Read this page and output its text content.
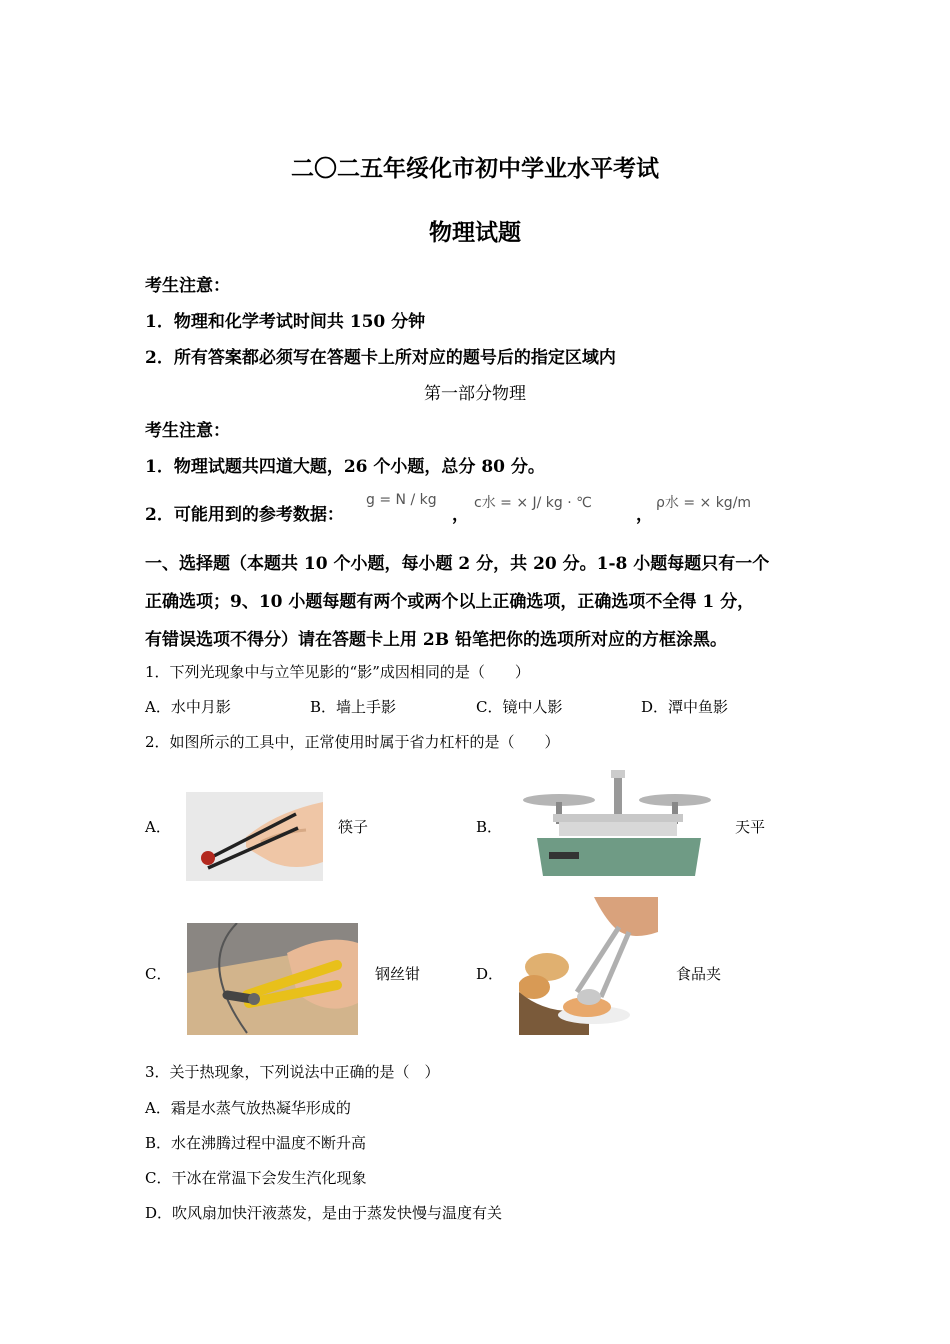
二〇二五年绥化市初中学业水平考试
物理试题
考生注意：
1．物理和化学考试时间共 150 分钟
2．所有答案都必须写在答题卡上所对应的题号后的指定区域内
第一部分物理
考生注意：
1．物理试题共四道大题，26 个小题，总分 80 分。
2．可能用到的参考数据：
g = N / kg
，
c水 = × J/ kg · ℃
，
ρ水 = × kg/m
一、选择题（本题共 10 个小题，每小题 2 分，共 20 分。1-8 小题每题只有一个
正确选项；9、10 小题每题有两个或两个以上正确选项，正确选项不全得 1 分，
有错误选项不得分）请在答题卡上用 2B 铅笔把你的选项所对应的方框涂黑。
1．下列光现象中与立竿见影的“影”成因相同的是（　　）
A．水中月影	B．墙上手影	C．镜中人影	D．潭中鱼影
2．如图所示的工具中，正常使用时属于省力杠杆的是（　　）
A．	筷子	B．	天平
C．	钢丝钳	D．	食品夹
3．关于热现象，下列说法中正确的是（　）
A．霜是水蒸气放热凝华形成的
B．水在沸腾过程中温度不断升高
C．干冰在常温下会发生汽化现象
D．吹风扇加快汗液蒸发，是由于蒸发快慢与温度有关
